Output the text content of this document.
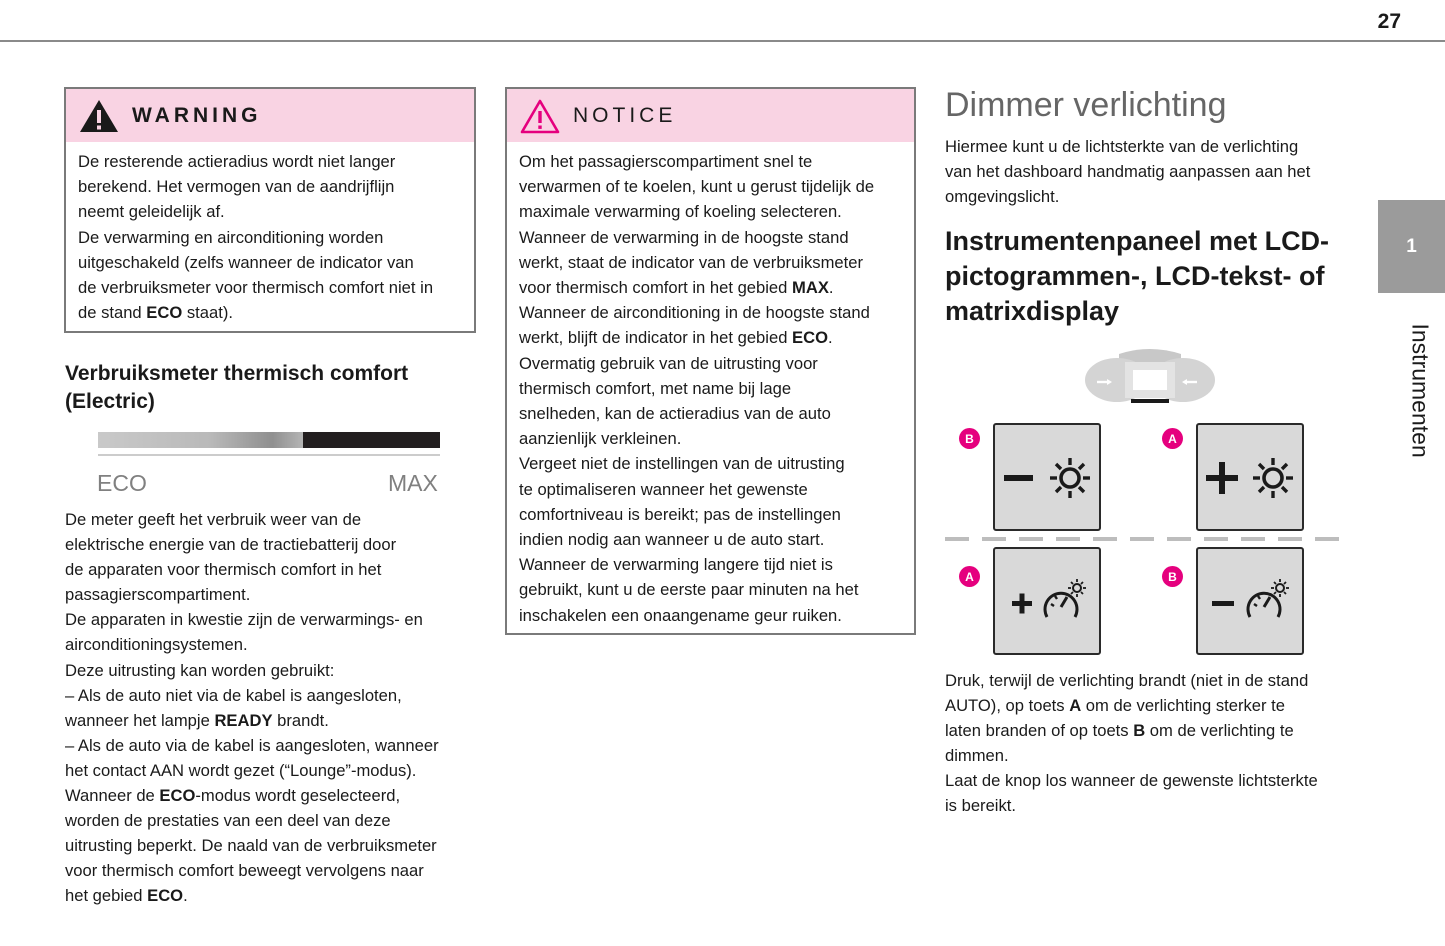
27
WARNING
De resterende actieradius wordt niet langer
berekend. Het vermogen van de aandrijflijn
neemt geleidelijk af.
De verwarming en airconditioning worden
uitgeschakeld (zelfs wanneer de indicator van
de verbruiksmeter voor thermisch comfort niet in
de stand ECO staat).
NOTICE
Om het passagierscompartiment snel te
verwarmen of te koelen, kunt u gerust tijdelijk de
maximale verwarming of koeling selecteren.
Wanneer de verwarming in de hoogste stand
werkt, staat de indicator van de verbruiksmeter
voor thermisch comfort in het gebied MAX.
Wanneer de airconditioning in de hoogste stand
werkt, blijft de indicator in het gebied ECO.
Overmatig gebruik van de uitrusting voor
thermisch comfort, met name bij lage
snelheden, kan de actieradius van de auto
aanzienlijk verkleinen.
Vergeet niet de instellingen van de uitrusting
te optimaliseren wanneer het gewenste
comfortniveau is bereikt; pas de instellingen
indien nodig aan wanneer u de auto start.
Wanneer de verwarming langere tijd niet is
gebruikt, kunt u de eerste paar minuten na het
inschakelen een onaangename geur ruiken.
Verbruiksmeter thermisch comfort
(Electric)
ECO	MAX
De meter geeft het verbruik weer van de
elektrische energie van de tractiebatterij door
de apparaten voor thermisch comfort in het
passagierscompartiment.
De apparaten in kwestie zijn de verwarmings- en
airconditioningsystemen.
Deze uitrusting kan worden gebruikt:
– Als de auto niet via de kabel is aangesloten,
wanneer het lampje READY brandt.
– Als de auto via de kabel is aangesloten, wanneer
het contact AAN wordt gezet (“Lounge”-modus).
Wanneer de ECO-modus wordt geselecteerd,
worden de prestaties van een deel van deze
uitrusting beperkt. De naald van de verbruiksmeter
voor thermisch comfort beweegt vervolgens naar
het gebied ECO.
Dimmer verlichting
Hiermee kunt u de lichtsterkte van de verlichting
van het dashboard handmatig aanpassen aan het
omgevingslicht.
Instrumentenpaneel met LCD-
pictogrammen-, LCD-tekst- of
matrixdisplay
B	A
A	B
Druk, terwijl de verlichting brandt (niet in de stand
AUTO), op toets A om de verlichting sterker te
laten branden of op toets B om de verlichting te
dimmen.
Laat de knop los wanneer de gewenste lichtsterkte
is bereikt.
1
Instrumenten
